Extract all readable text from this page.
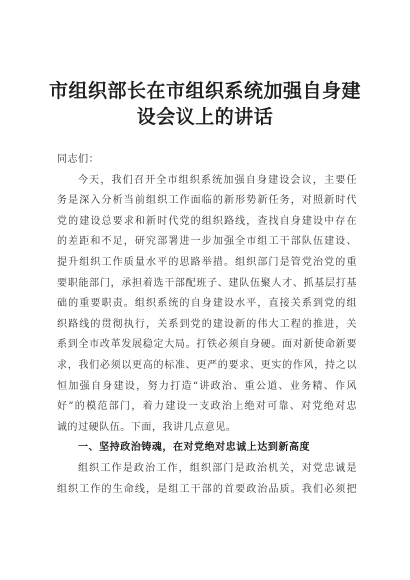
市组织部长在市组织系统加强自身建
设会议上的讲话
同志们：
今天，我们召开全市组织系统加强自身建设会议，主要任
务是深入分析当前组织工作面临的新形势新任务，对照新时代
党的建设总要求和新时代党的组织路线，查找自身建设中存在
的差距和不足，研究部署进一步加强全市组工干部队伍建设、
提升组织工作质量水平的思路举措。组织部门是管党治党的重
要职能部门，承担着选干部配班子、建队伍聚人才、抓基层打基
础的重要职责。组织系统的自身建设水平，直接关系到党的组
织路线的贯彻执行，关系到党的建设新的伟大工程的推进，关
系到全市改革发展稳定大局。打铁必须自身硬。面对新使命新要
求，我们必须以更高的标准、更严的要求、更实的作风，持之以
恒加强自身建设，努力打造“讲政治、重公道、业务精、作风
好”的模范部门，着力建设一支政治上绝对可靠、对党绝对忠
诚的过硬队伍。下面，我讲几点意见。
一、坚持政治铸魂，在对党绝对忠诚上达到新高度
组织工作是政治工作，组织部门是政治机关，对党忠诚是
组织工作的生命线，是组工干部的首要政治品质。我们必须把
